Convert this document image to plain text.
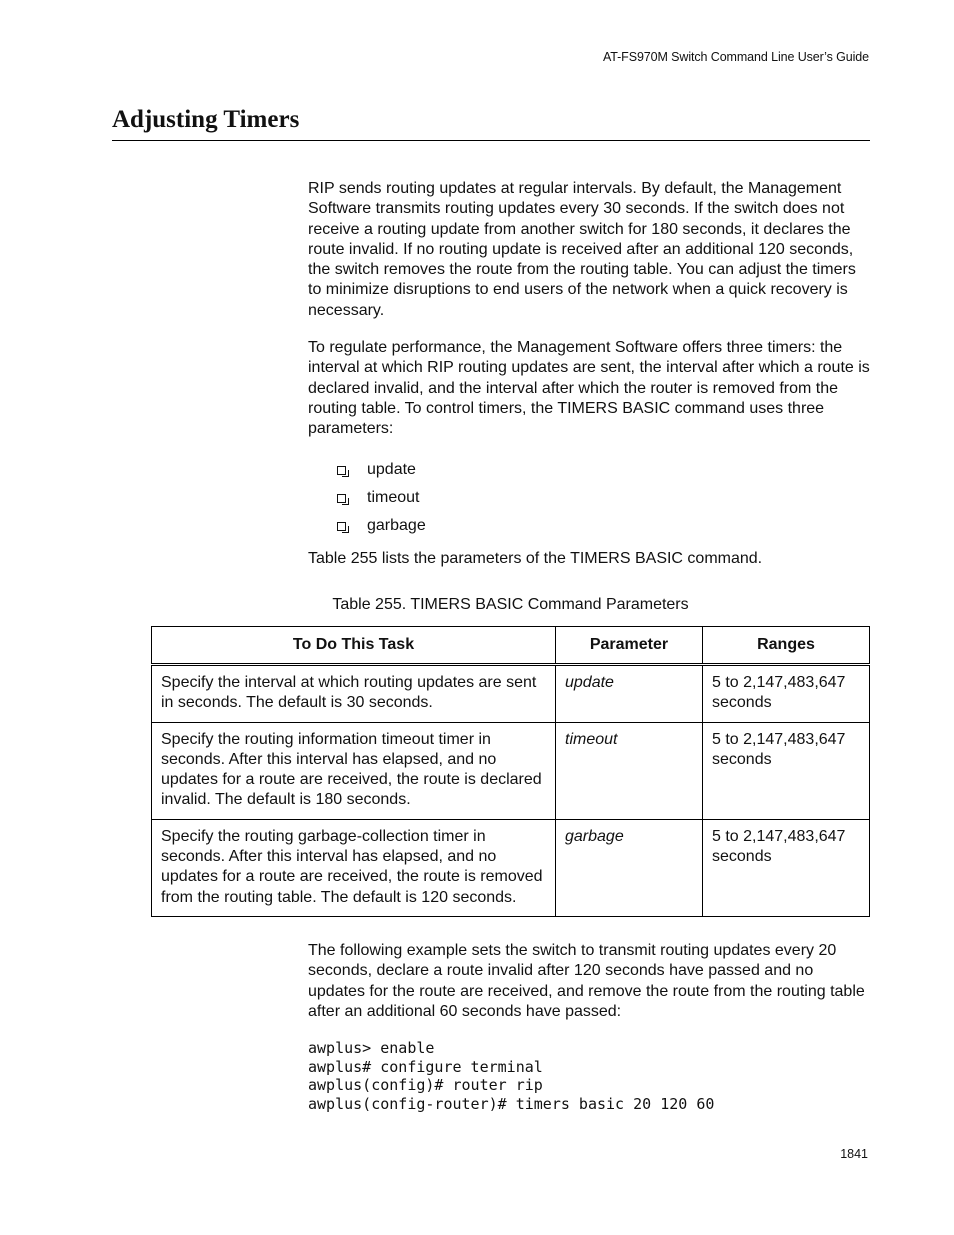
AT-FS970M Switch Command Line User’s Guide
Adjusting Timers

RIP sends routing updates at regular intervals. By default, the Management Software transmits routing updates every 30 seconds. If the switch does not receive a routing update from another switch for 180 seconds, it declares the route invalid. If no routing update is received after an additional 120 seconds, the switch removes the route from the routing table. You can adjust the timers to minimize disruptions to end users of the network when a quick recovery is necessary.

To regulate performance, the Management Software offers three timers: the interval at which RIP routing updates are sent, the interval after which a route is declared invalid, and the interval after which the router is removed from the routing table. To control timers, the TIMERS BASIC command uses three parameters:

update
timeout
garbage

Table 255 lists the parameters of the TIMERS BASIC command.

Table 255. TIMERS BASIC Command Parameters
To Do This Task	Parameter	Ranges
Specify the interval at which routing updates are sent in seconds. The default is 30 seconds.	update	5 to 2,147,483,647 seconds
Specify the routing information timeout timer in seconds. After this interval has elapsed, and no updates for a route are received, the route is declared invalid. The default is 180 seconds.	timeout	5 to 2,147,483,647 seconds
Specify the routing garbage-collection timer in seconds. After this interval has elapsed, and no updates for a route are received, the route is removed from the routing table. The default is 120 seconds.	garbage	5 to 2,147,483,647 seconds

The following example sets the switch to transmit routing updates every 20 seconds, declare a route invalid after 120 seconds have passed and no updates for the route are received, and remove the route from the routing table after an additional 60 seconds have passed:

awplus> enable
awplus# configure terminal
awplus(config)# router rip
awplus(config-router)# timers basic 20 120 60
1841
